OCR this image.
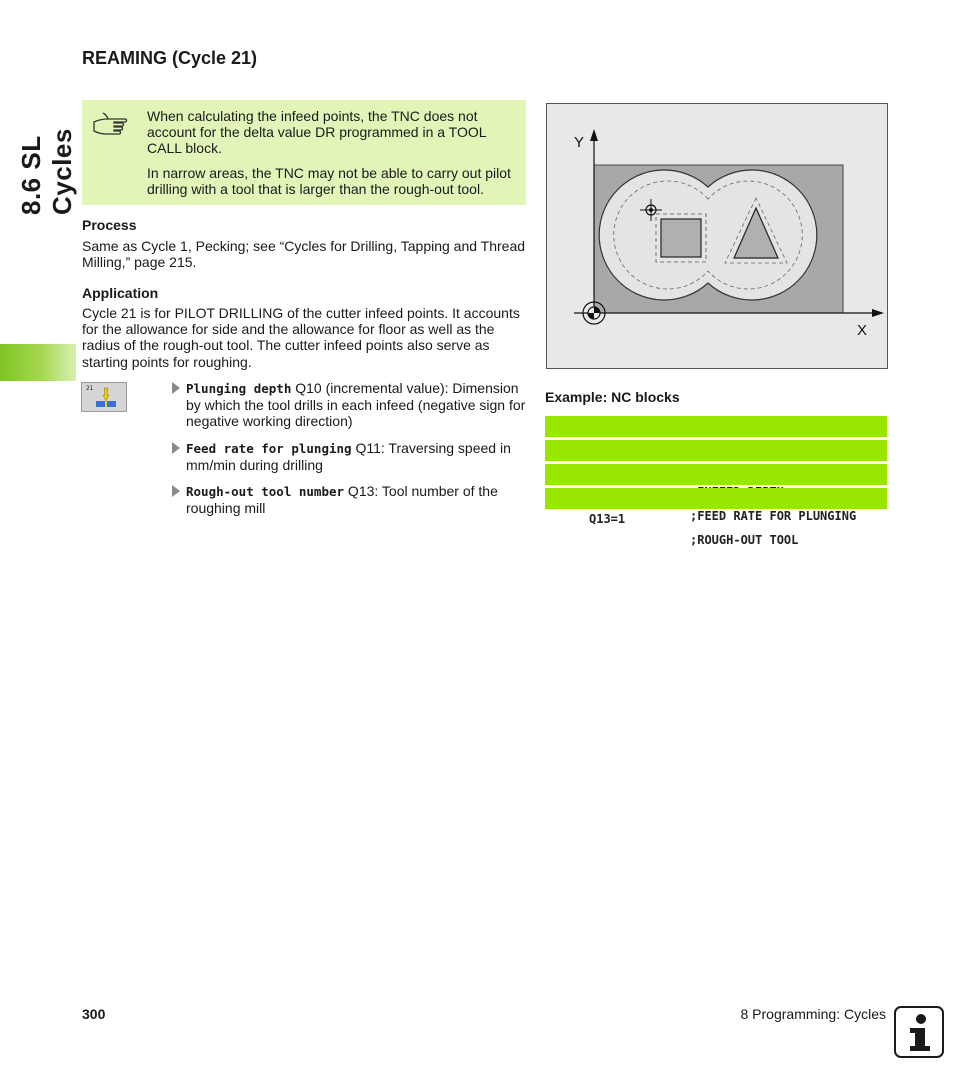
8.6 SL Cycles
REAMING (Cycle 21)

When calculating the infeed points, the TNC does not account for the delta value DR programmed in a TOOL CALL block.

In narrow areas, the TNC may not be able to carry out pilot drilling with a tool that is larger than the rough-out tool.

Process

Same as Cycle 1, Pecking; see “Cycles for Drilling, Tapping and Thread Milling,” page 215.

Application

Cycle 21 is for PILOT DRILLING of the cutter infeed points. It accounts for the allowance for side and the allowance for floor as well as the radius of the rough-out tool. The cutter infeed points also serve as starting points for roughing.

21	Plunging depth Q10 (incremental value): Dimension by which the tool drills in each infeed (negative sign for negative working direction)
Feed rate for plunging Q11: Traversing speed in mm/min during drilling
Rough-out tool number Q13: Tool number of the roughing mill
Y
X
Example: NC blocks

;FEED RATE FOR PLUNGING

Q13=1

;ROUGH-OUT TOOL

300	8 Programming: Cycles
